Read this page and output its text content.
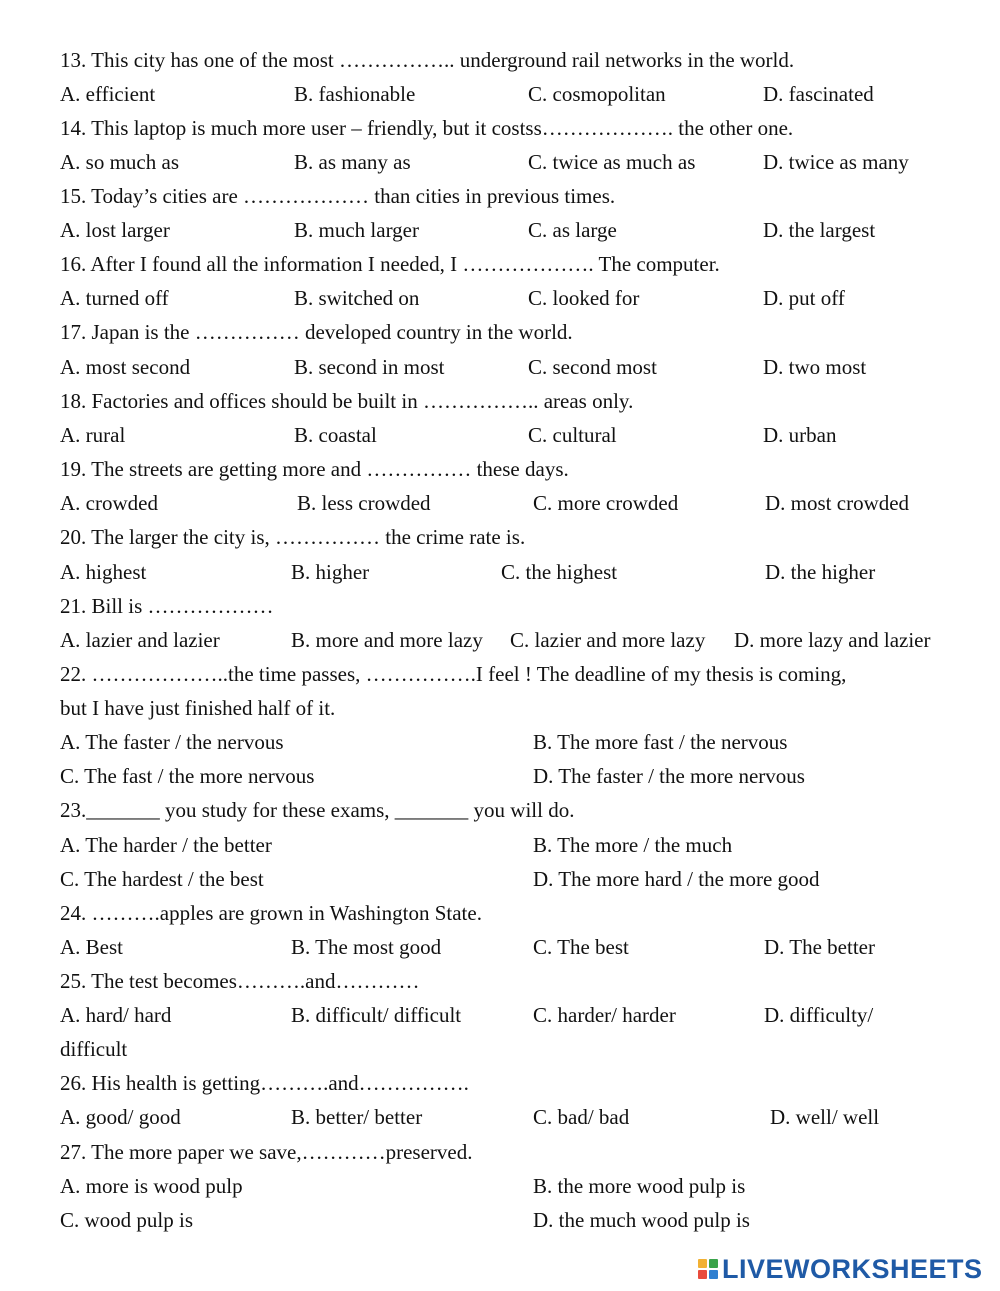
13. This city has one of the most …………….. underground rail networks in the world.
A. efficient	B. fashionable	C. cosmopolitan	D. fascinated
14. This laptop is much more user – friendly, but it costss………………. the other one.
A. so much as	B. as many as	C. twice as much as	D. twice as many
15. Today’s cities are ……………… than cities in previous times.
A. lost larger	B. much larger	C. as large	D. the largest
16. After I found all the information I needed, I ………………. The computer.
A. turned off	B. switched on	C. looked for	D. put off
17. Japan is the …………… developed country in the world.
A. most second	B. second in most	C. second most	D. two most
18. Factories and offices should be built in …………….. areas only.
A. rural	B. coastal	C. cultural	D. urban
19. The streets are getting more and …………… these days.
A. crowded	B. less crowded	C. more crowded	D. most crowded
20. The larger the city is, …………… the crime rate is.
A. highest	B. higher	C. the highest	D. the higher
21. Bill is ………………
A. lazier and lazier	B. more and more lazy C. lazier and more lazy D. more lazy and lazier
22. ………………..the time passes, …………….I feel ! The deadline of my thesis is coming,
but I have just finished half of it.
A. The faster / the nervous	B. The more fast / the nervous
C. The fast / the more nervous	D. The faster / the more nervous
23._______ you study for these exams, _______ you will do.
A. The harder / the better	B. The more / the much
C. The hardest / the best	D. The more hard / the more good
24. ……….apples are grown in Washington State.
A. Best	B. The most good	C. The best	D. The better
25. The test becomes……….and…………
A. hard/ hard	B. difficult/ difficult	C. harder/ harder	D. difficulty/
difficult
26. His health is getting……….and…………….
A. good/ good	B. better/ better	C. bad/ bad	D. well/ well
27. The more paper we save,…………preserved.
A. more is wood pulp	B. the more wood pulp is
C. wood pulp is	D. the much wood pulp is
LIVEWORKSHEETS
